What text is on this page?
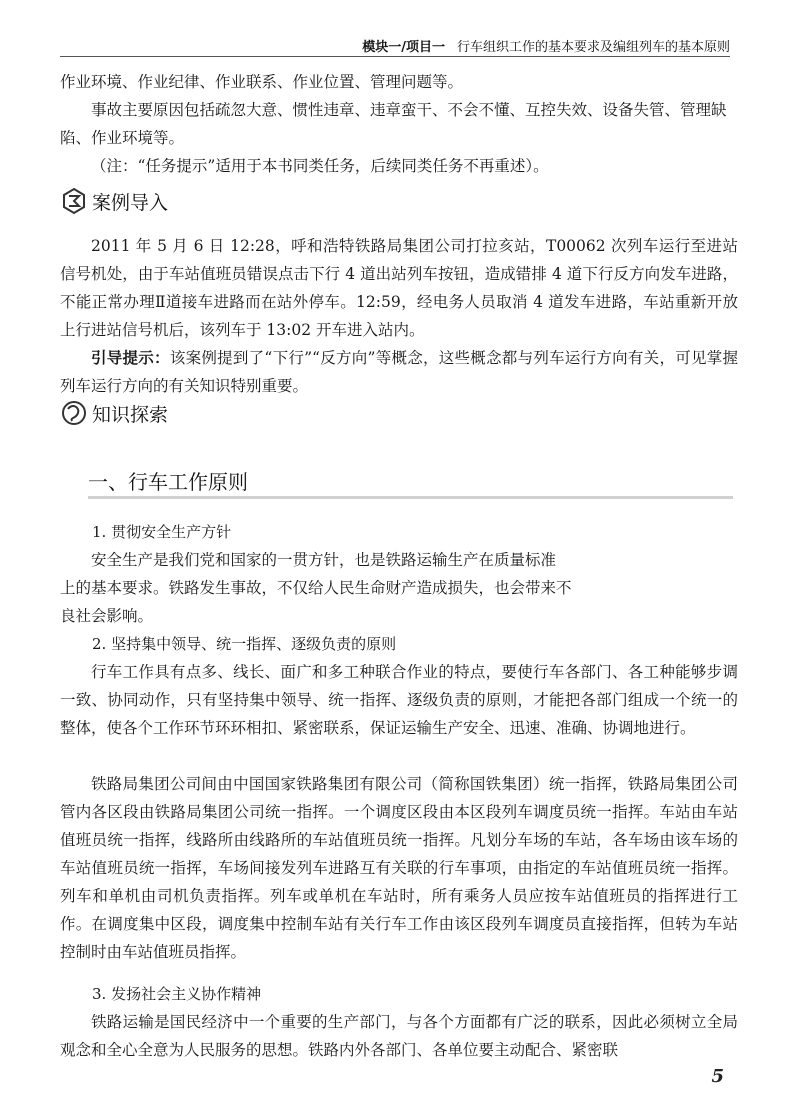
模块一/项目一 行车组织工作的基本要求及编组列车的基本原则

作业环境、作业纪律、作业联系、作业位置、管理问题等。

事故主要原因包括疏忽大意、惯性违章、违章蛮干、不会不懂、互控失效、设备失管、管理缺陷、作业环境等。

（注：“任务提示”适用于本书同类任务，后续同类任务不再重述）。

案例导入

2011 年 5 月 6 日 12:28，呼和浩特铁路局集团公司打拉亥站，T00062 次列车运行至进站信号机处，由于车站值班员错误点击下行 4 道出站列车按钮，造成错排 4 道下行反方向发车进路，不能正常办理Ⅱ道接车进路而在站外停车。12:59，经电务人员取消 4 道发车进路，车站重新开放上行进站信号机后，该列车于 13:02 开车进入站内。

引导提示：该案例提到了“下行”“反方向”等概念，这些概念都与列车运行方向有关，可见掌握列车运行方向的有关知识特别重要。

知识探索
一、行车工作原则
1. 贯彻安全生产方针

安全生产是我们党和国家的一贯方针，也是铁路运输生产在质量标准

上的基本要求。铁路发生事故，不仅给人民生命财产造成损失，也会带来不

良社会影响。

2. 坚持集中领导、统一指挥、逐级负责的原则

行车工作具有点多、线长、面广和多工种联合作业的特点，要使行车各部门、各工种能够步调一致、协同动作，只有坚持集中领导、统一指挥、逐级负责的原则，才能把各部门组成一个统一的整体，使各个工作环节环环相扣、紧密联系，保证运输生产安全、迅速、准确、协调地进行。

铁路局集团公司间由中国国家铁路集团有限公司（简称国铁集团）统一指挥，铁路局集团公司管内各区段由铁路局集团公司统一指挥。一个调度区段由本区段列车调度员统一指挥。车站由车站值班员统一指挥，线路所由线路所的车站值班员统一指挥。凡划分车场的车站，各车场由该车场的车站值班员统一指挥，车场间接发列车进路互有关联的行车事项，由指定的车站值班员统一指挥。列车和单机由司机负责指挥。列车或单机在车站时，所有乘务人员应按车站值班员的指挥进行工作。在调度集中区段，调度集中控制车站有关行车工作由该区段列车调度员直接指挥，但转为车站控制时由车站值班员指挥。

3. 发扬社会主义协作精神

铁路运输是国民经济中一个重要的生产部门，与各个方面都有广泛的联系，因此必须树立全局观念和全心全意为人民服务的思想。铁路内外各部门、各单位要主动配合、紧密联

5
